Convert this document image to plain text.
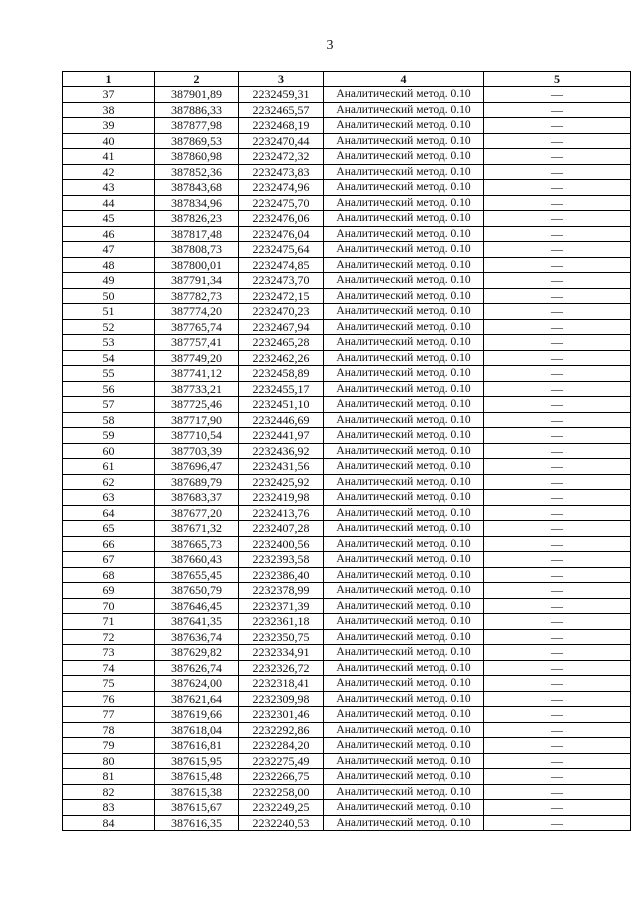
3
1	2	3	4	5
37	387901,89	2232459,31	Аналитический метод. 0.10	—
38	387886,33	2232465,57	Аналитический метод. 0.10	—
39	387877,98	2232468,19	Аналитический метод. 0.10	—
40	387869,53	2232470,44	Аналитический метод. 0.10	—
41	387860,98	2232472,32	Аналитический метод. 0.10	—
42	387852,36	2232473,83	Аналитический метод. 0.10	—
43	387843,68	2232474,96	Аналитический метод. 0.10	—
44	387834,96	2232475,70	Аналитический метод. 0.10	—
45	387826,23	2232476,06	Аналитический метод. 0.10	—
46	387817,48	2232476,04	Аналитический метод. 0.10	—
47	387808,73	2232475,64	Аналитический метод. 0.10	—
48	387800,01	2232474,85	Аналитический метод. 0.10	—
49	387791,34	2232473,70	Аналитический метод. 0.10	—
50	387782,73	2232472,15	Аналитический метод. 0.10	—
51	387774,20	2232470,23	Аналитический метод. 0.10	—
52	387765,74	2232467,94	Аналитический метод. 0.10	—
53	387757,41	2232465,28	Аналитический метод. 0.10	—
54	387749,20	2232462,26	Аналитический метод. 0.10	—
55	387741,12	2232458,89	Аналитический метод. 0.10	—
56	387733,21	2232455,17	Аналитический метод. 0.10	—
57	387725,46	2232451,10	Аналитический метод. 0.10	—
58	387717,90	2232446,69	Аналитический метод. 0.10	—
59	387710,54	2232441,97	Аналитический метод. 0.10	—
60	387703,39	2232436,92	Аналитический метод. 0.10	—
61	387696,47	2232431,56	Аналитический метод. 0.10	—
62	387689,79	2232425,92	Аналитический метод. 0.10	—
63	387683,37	2232419,98	Аналитический метод. 0.10	—
64	387677,20	2232413,76	Аналитический метод. 0.10	—
65	387671,32	2232407,28	Аналитический метод. 0.10	—
66	387665,73	2232400,56	Аналитический метод. 0.10	—
67	387660,43	2232393,58	Аналитический метод. 0.10	—
68	387655,45	2232386,40	Аналитический метод. 0.10	—
69	387650,79	2232378,99	Аналитический метод. 0.10	—
70	387646,45	2232371,39	Аналитический метод. 0.10	—
71	387641,35	2232361,18	Аналитический метод. 0.10	—
72	387636,74	2232350,75	Аналитический метод. 0.10	—
73	387629,82	2232334,91	Аналитический метод. 0.10	—
74	387626,74	2232326,72	Аналитический метод. 0.10	—
75	387624,00	2232318,41	Аналитический метод. 0.10	—
76	387621,64	2232309,98	Аналитический метод. 0.10	—
77	387619,66	2232301,46	Аналитический метод. 0.10	—
78	387618,04	2232292,86	Аналитический метод. 0.10	—
79	387616,81	2232284,20	Аналитический метод. 0.10	—
80	387615,95	2232275,49	Аналитический метод. 0.10	—
81	387615,48	2232266,75	Аналитический метод. 0.10	—
82	387615,38	2232258,00	Аналитический метод. 0.10	—
83	387615,67	2232249,25	Аналитический метод. 0.10	—
84	387616,35	2232240,53	Аналитический метод. 0.10	—
